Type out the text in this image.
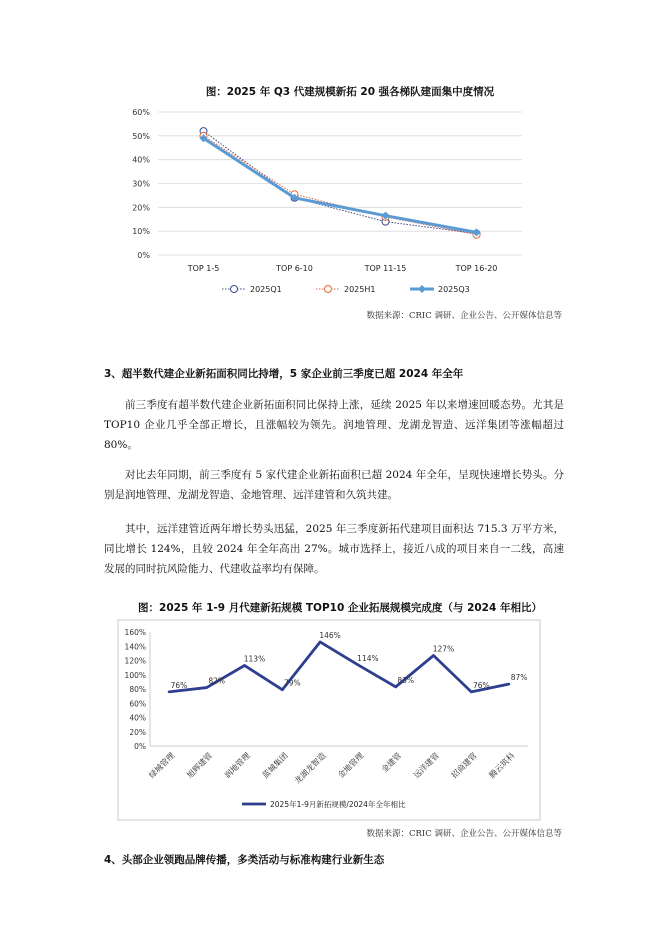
图：2025 年 Q3 代建规模新拓 20 强各梯队建面集中度情况
0%
10%
20%
30%
40%
50%
60%
TOP 1-5	TOP 6-10	TOP 11-15	TOP 16-20
2025Q1	2025H1	2025Q3
数据来源：CRIC 调研、企业公告、公开媒体信息等
3、超半数代建企业新拓面积同比持增，5 家企业前三季度已超 2024 年全年

前三季度有超半数代建企业新拓面积同比保持上涨，延续 2025 年以来增速回暖态势。尤其是 TOP10 企业几乎全部正增长，且涨幅较为领先。润地管理、龙湖龙智造、远洋集团等涨幅超过 80%。

对比去年同期，前三季度有 5 家代建企业新拓面积已超 2024 年全年，呈现快速增长势头。分别是润地管理、龙湖龙智造、金地管理、远洋建管和久筑共建。

其中，远洋建管近两年增长势头迅猛，2025 年三季度新拓代建项目面积达 715.3 万平方米，同比增长 124%，且较 2024 年全年高出 27%。城市选择上，接近八成的项目来自一二线，高速发展的同时抗风险能力、代建收益率均有保障。

图：2025 年 1-9 月代建新拓规模 TOP10 企业拓展规模完成度（与 2024 年相比）
0%
20%
40%
60%
80%
100%
120%
140%
160%
绿城管理 旭辉建管 润地管理 蓝城集团 龙湖龙智造 金地管理 金建管 远洋建管 招商建管 腾云筑科
76%	82%
113%
79%
146%
114%
83%
127%
76%
87%
2025年1-9月新拓规模/2024年全年相比
数据来源：CRIC 调研、企业公告、公开媒体信息等
4、头部企业领跑品牌传播，多类活动与标准构建行业新生态
